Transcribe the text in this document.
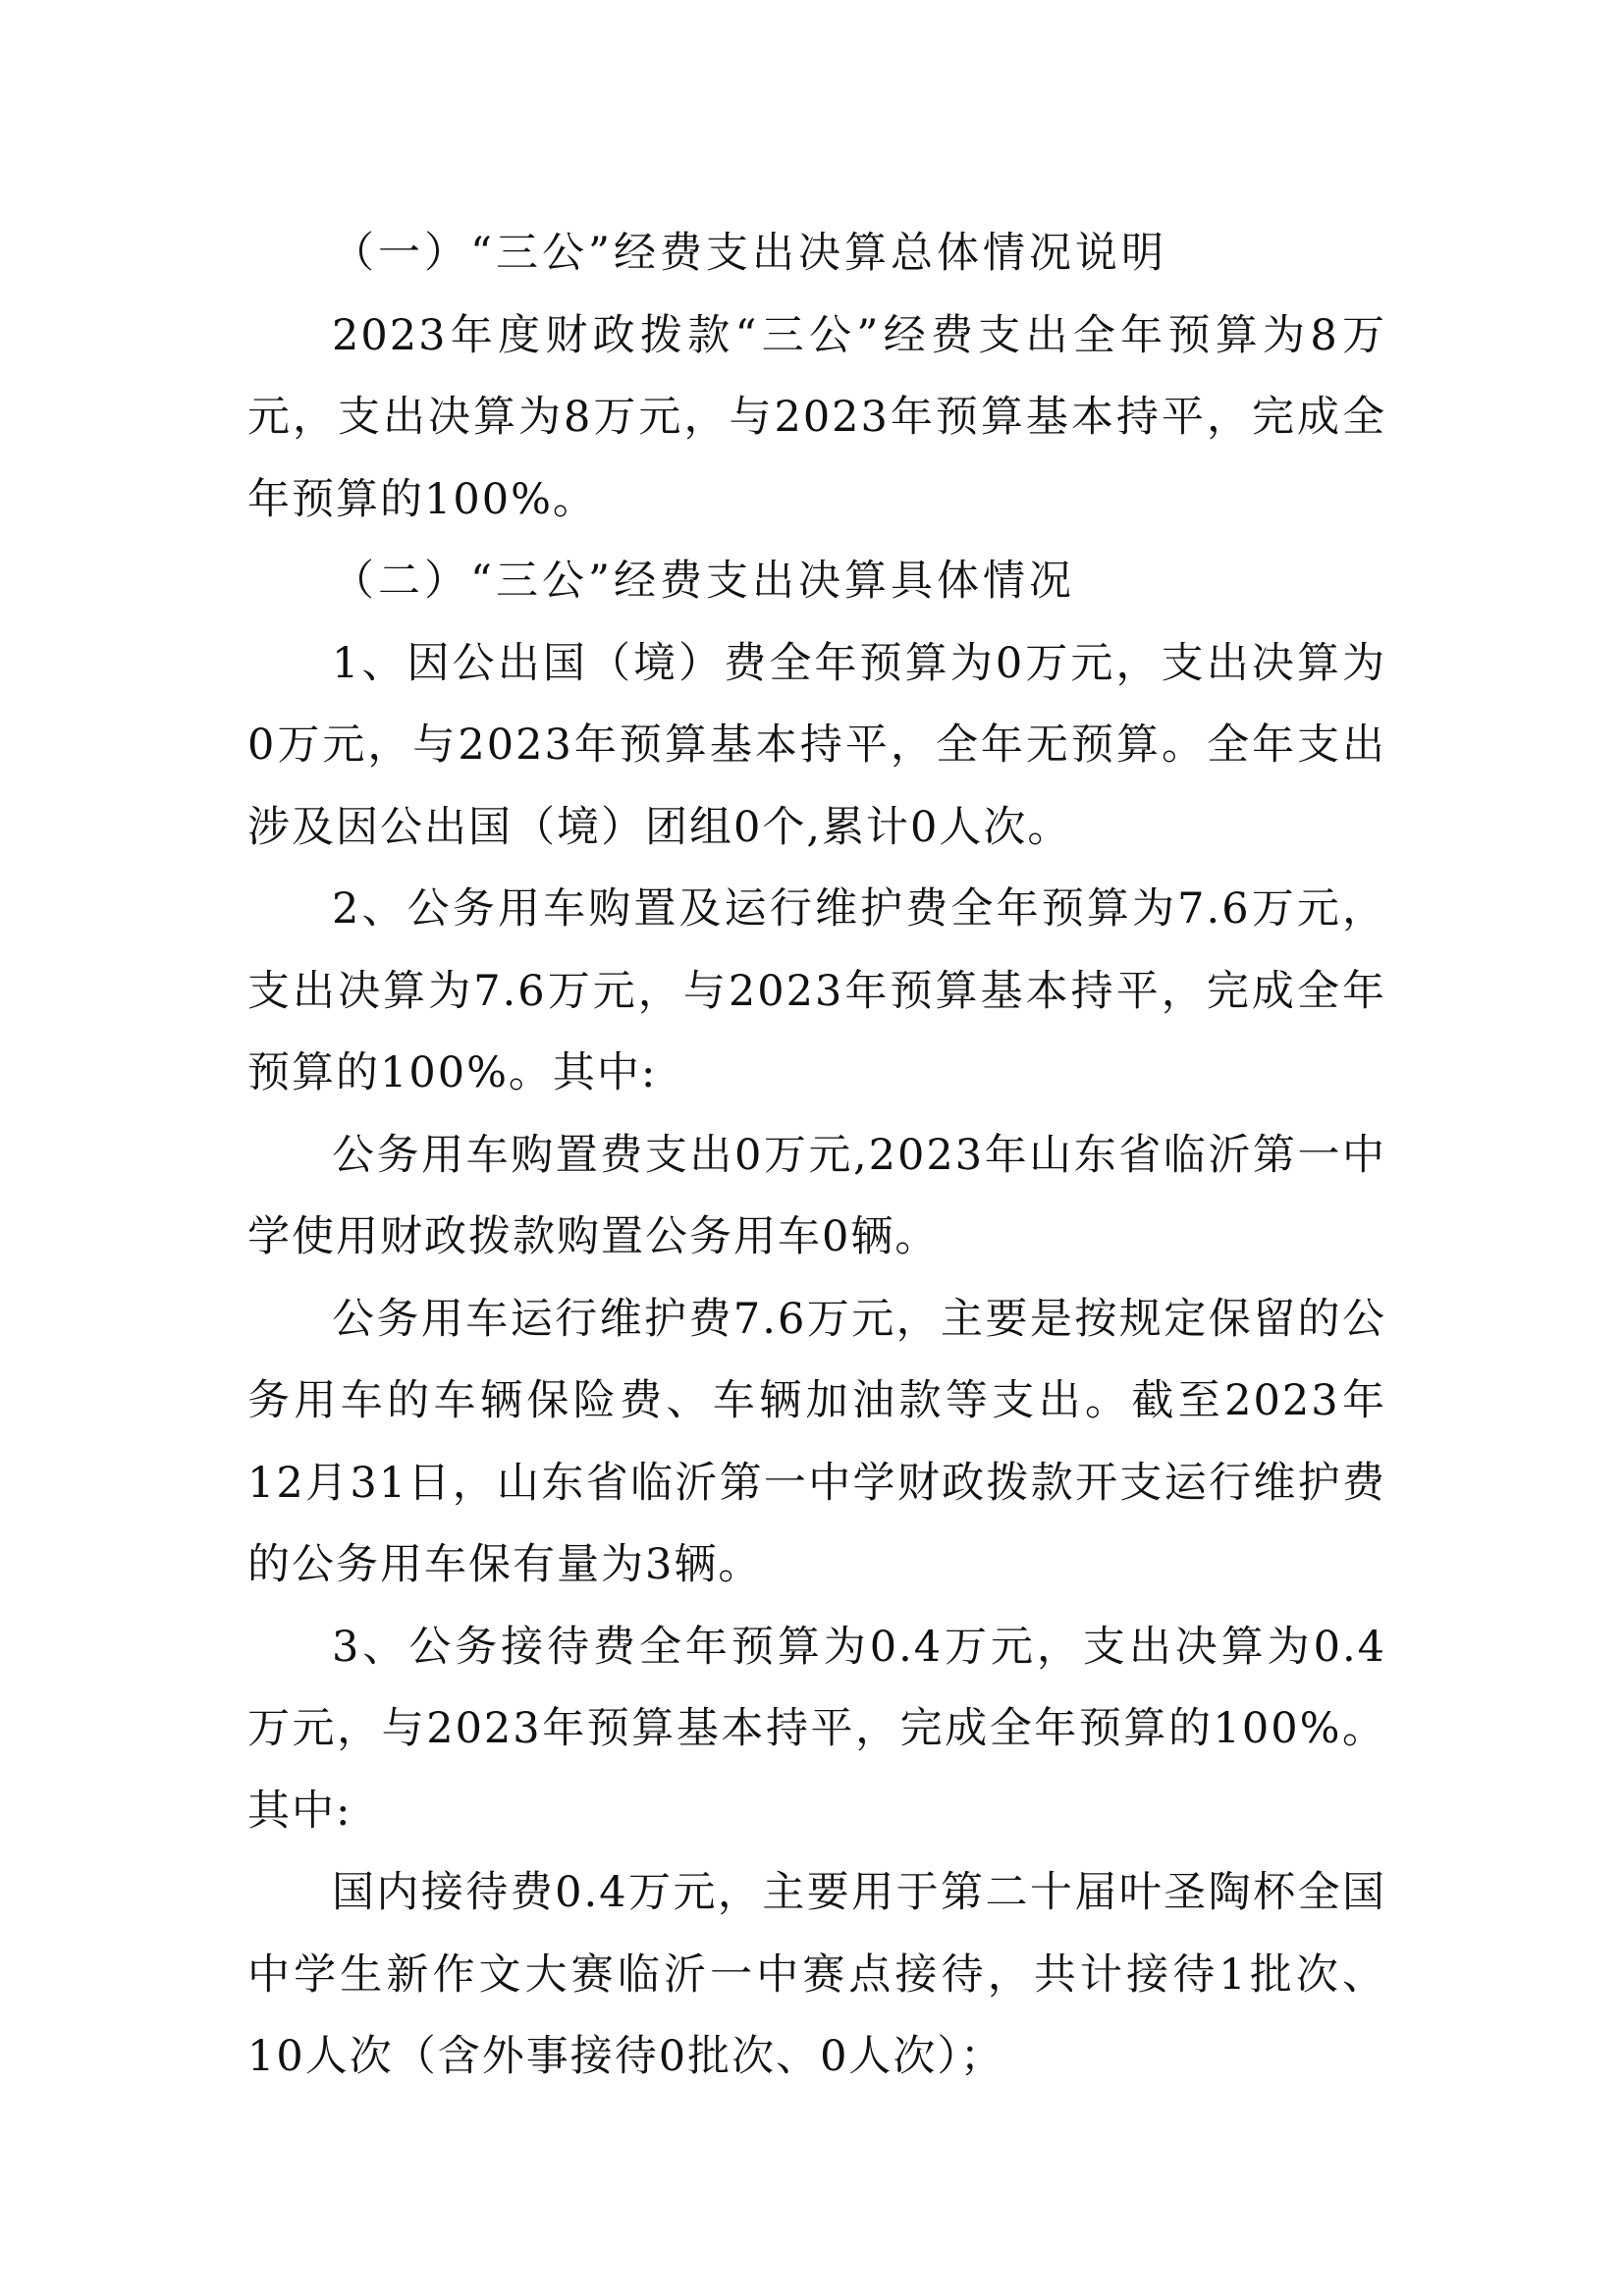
（一）“三公”经费支出决算总体情况说明

2023年度财政拨款“三公”经费支出全年预算为8万元，支出决算为8万元，与2023年预算基本持平，完成全年预算的100%。

（二）“三公”经费支出决算具体情况

1、因公出国（境）费全年预算为0万元，支出决算为0万元，与2023年预算基本持平，全年无预算。全年支出涉及因公出国（境）团组0个,累计0人次。

2、公务用车购置及运行维护费全年预算为7.6万元，支出决算为7.6万元，与2023年预算基本持平，完成全年预算的100%。其中:

公务用车购置费支出0万元,2023年山东省临沂第一中学使用财政拨款购置公务用车0辆。

公务用车运行维护费7.6万元，主要是按规定保留的公务用车的车辆保险费、车辆加油款等支出。截至2023年12月31日，山东省临沂第一中学财政拨款开支运行维护费的公务用车保有量为3辆。

3、公务接待费全年预算为0.4万元，支出决算为0.4万元，与2023年预算基本持平，完成全年预算的100%。其中:

国内接待费0.4万元，主要用于第二十届叶圣陶杯全国中学生新作文大赛临沂一中赛点接待，共计接待1批次、10人次（含外事接待0批次、0人次）；
